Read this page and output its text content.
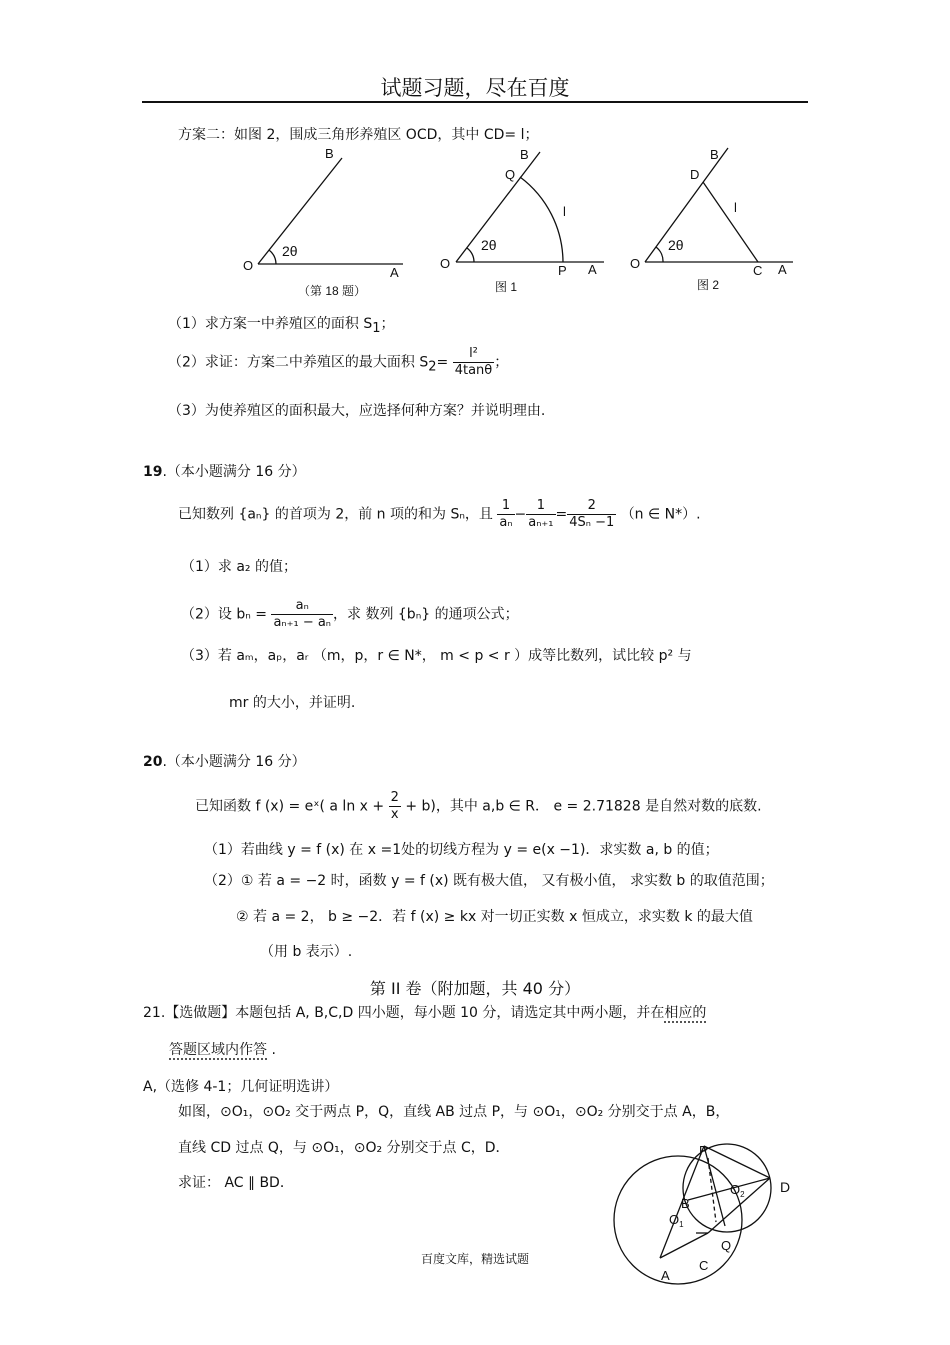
试题习题，尽在百度
方案二：如图 2，围成三角形养殖区 OCD，其中 CD= l；
O	A
B
2θ
（第 18 题）
O	P A
B
Q
l
2θ
图 1
O	C A
B
D
l
2θ
图 2
（1）求方案一中养殖区的面积 $S_1$；
（2）求证：方案二中养殖区的最大面积 $S_2= \frac{\text{l²}}{4\tan\theta}$ ；
（3）为使养殖区的面积最大，应选择何种方案？并说明理由.
19.（本小题满分 16 分）
已知数列 {aₙ} 的首项为 2，前 n 项的和为 Sₙ，且 $\frac{1}{\text{aₙ}} - \frac{1}{\text{aₙ₊₁}} = \frac{2}{\text{4Sₙ −1}} (n$ ∈ N*）.
（1）求 a₂ 的值；
（2）设 $b_n = \frac{\text{aₙ}}{\text{aₙ₊₁ − aₙ}}$ ，求 数列 {bₙ} 的通项公式；
（3）若 aₘ，aₚ，aᵣ （m，p，r ∈ N*， m < p < r ）成等比数列，试比较 p² 与
mr 的大小，并证明.
20.（本小题满分 16 分）
已知函数 f (x) = eˣ( a $\ln x + \frac{2}{x} + b$)，其中 a,b ∈ R． e = 2.71828 是自然对数的底数.
（1）若曲线 y = f (x) 在 x =1处的切线方程为 y = e(x −1)．求实数 a, b 的值；
（2）① 若 a = −2 时，函数 y = f (x) 既有极大值， 又有极小值， 求实数 b 的取值范围；
② 若 a = 2， b ≥ −2．若 f (x) ≥ kx 对一切正实数 x 恒成立，求实数 k 的最大值
（用 b 表示）.
第 II 卷（附加题，共 40 分）
21.【选做题】本题包括 A, B,C,D 四小题，每小题 10 分，请选定其中两小题，并在相应的
答题区域内作答 .
A,（选修 4-1；几何证明选讲）
如图，⊙O₁，⊙O₂ 交于两点 P，Q，直线 AB 过点 P，与 ⊙O₁，⊙O₂ 分别交于点 A，B，
直线 CD 过点 Q，与 ⊙O₁，⊙O₂ 分别交于点 C，D．
求证： AC ∥ BD．
P
B
$O_1$
$O_2$	D
Q
A
C
百度文库，精选试题
